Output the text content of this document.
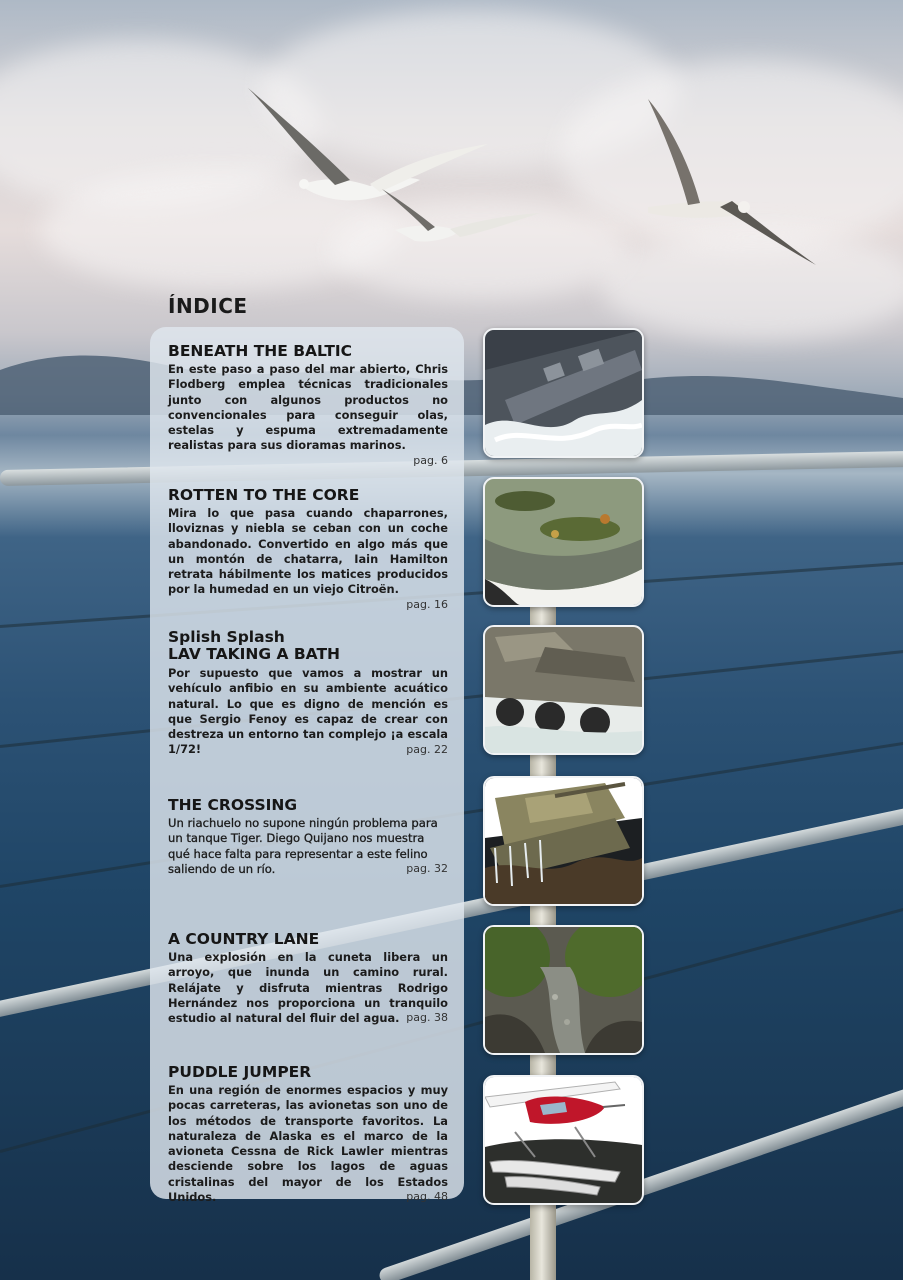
ÍNDICE
BENEATH THE BALTIC

En este paso a paso del mar abierto, Chris Flodberg emplea técnicas tradicionales junto con algunos productos no convencionales para conseguir olas, estelas y espuma extremadamente realistas para sus dioramas marinos.

pag. 6
ROTTEN TO THE CORE

Mira lo que pasa cuando chaparrones, lloviznas y niebla se ceban con un coche abandonado. Convertido en algo más que un montón de chatarra, Iain Hamilton retrata hábilmente los matices producidos por la humedad en un viejo Citroën.

pag. 16
Splish Splash
LAV TAKING A BATH

Por supuesto que vamos a mostrar un vehículo anfibio en su ambiente acuático natural. Lo que es digno de mención es que Sergio Fenoy es capaz de crear con destreza un entorno tan complejo ¡a escala 1/72!	pag. 22
THE CROSSING

Un riachuelo no supone ningún problema para un tanque Tiger. Diego Quijano nos muestra qué hace falta para representar a este felino saliendo de un río.	pag. 32
A COUNTRY LANE

Una explosión en la cuneta libera un arroyo, que inunda un camino rural. Relájate y disfruta mientras Rodrigo Hernández nos proporciona un tranquilo estudio al natural del fluir del agua. pag. 38
PUDDLE JUMPER

En una región de enormes espacios y muy pocas carreteras, las avionetas son uno de los métodos de transporte favoritos. La naturaleza de Alaska es el marco de la avioneta Cessna de Rick Lawler mientras desciende sobre los lagos de aguas cristalinas del mayor de los Estados Unidos.	pag. 48
